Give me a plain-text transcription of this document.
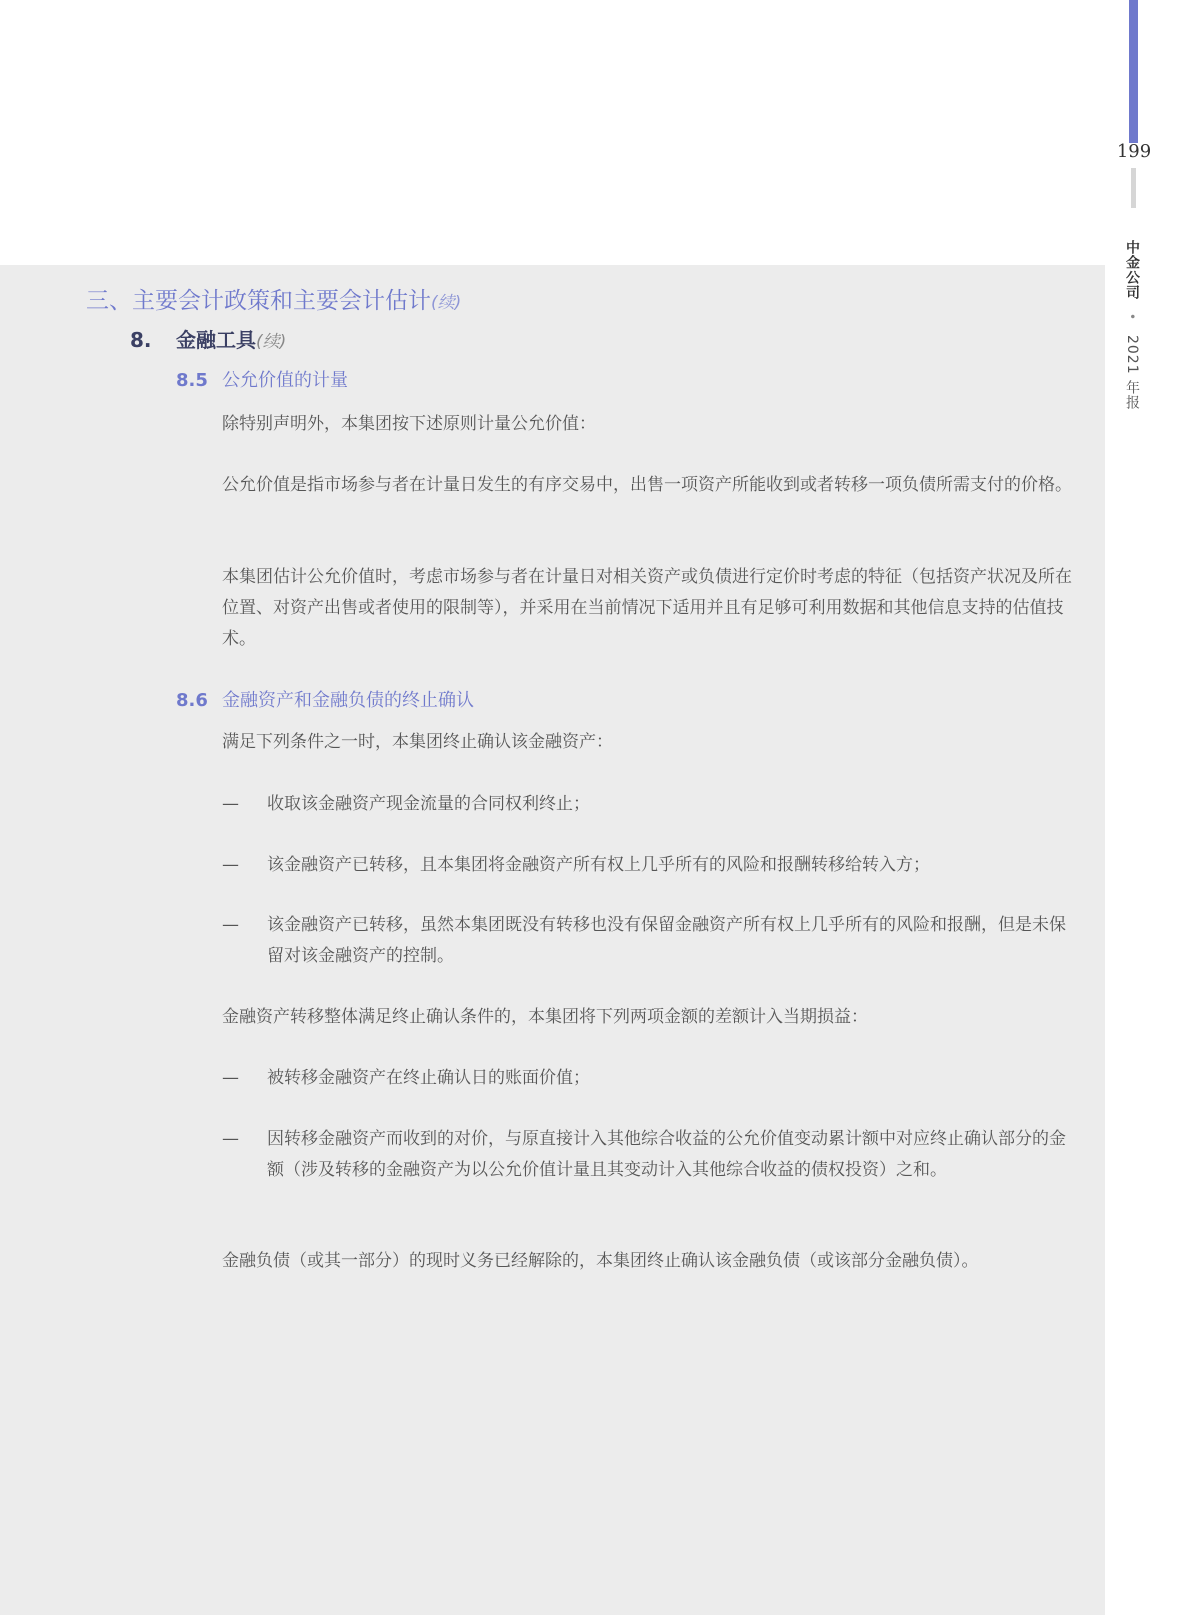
199
中金公司 • 2021 年报
三、主要会计政策和主要会计估计(续)
8. 金融工具(续)
8.5 公允价值的计量

除特别声明外，本集团按下述原则计量公允价值：

公允价值是指市场参与者在计量日发生的有序交易中，出售一项资产所能收到或者转移一项负债所需支付的价格。

本集团估计公允价值时，考虑市场参与者在计量日对相关资产或负债进行定价时考虑的特征（包括资产状况及所在位置、对资产出售或者使用的限制等），并采用在当前情况下适用并且有足够可利用数据和其他信息支持的估值技术。

8.6 金融资产和金融负债的终止确认

满足下列条件之一时，本集团终止确认该金融资产：

— 收取该金融资产现金流量的合同权利终止；
— 该金融资产已转移，且本集团将金融资产所有权上几乎所有的风险和报酬转移给转入方；
— 该金融资产已转移，虽然本集团既没有转移也没有保留金融资产所有权上几乎所有的风险和报酬，但是未保留对该金融资产的控制。

金融资产转移整体满足终止确认条件的，本集团将下列两项金额的差额计入当期损益：

— 被转移金融资产在终止确认日的账面价值；
— 因转移金融资产而收到的对价，与原直接计入其他综合收益的公允价值变动累计额中对应终止确认部分的金额（涉及转移的金融资产为以公允价值计量且其变动计入其他综合收益的债权投资）之和。

金融负债（或其一部分）的现时义务已经解除的，本集团终止确认该金融负债（或该部分金融负债）。
